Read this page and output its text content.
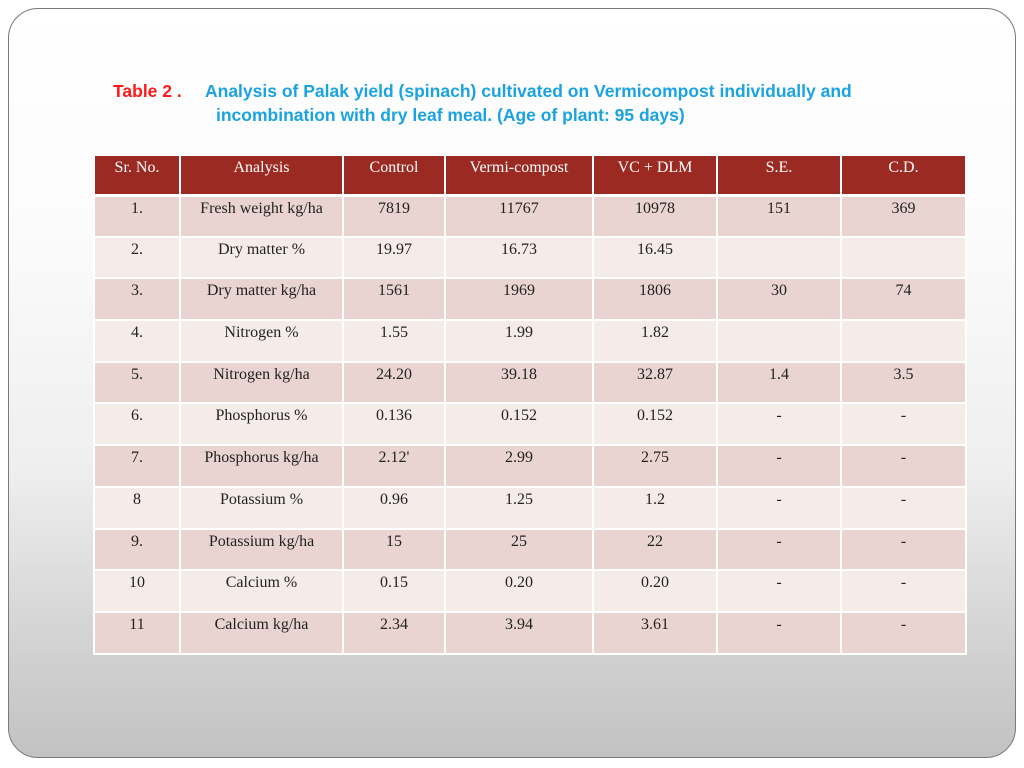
Table 2 . Analysis of Palak yield (spinach) cultivated on Vermicompost individually and
incombination with dry leaf meal. (Age of plant: 95 days)
Sr. No.	Analysis	Control	Vermi-compost	VC + DLM	S.E.	C.D.
1.	Fresh weight kg/ha	7819	11767	10978	151	369
2.	Dry matter %	19.97	16.73	16.45		
3.	Dry matter kg/ha	1561	1969	1806	30	74
4.	Nitrogen %	1.55	1.99	1.82		
5.	Nitrogen kg/ha	24.20	39.18	32.87	1.4	3.5
6.	Phosphorus %	0.136	0.152	0.152	-	-
7.	Phosphorus kg/ha	2.12'	2.99	2.75	-	-
8	Potassium %	0.96	1.25	1.2	-	-
9.	Potassium kg/ha	15	25	22	-	-
10	Calcium %	0.15	0.20	0.20	-	-
11	Calcium kg/ha	2.34	3.94	3.61	-	-
